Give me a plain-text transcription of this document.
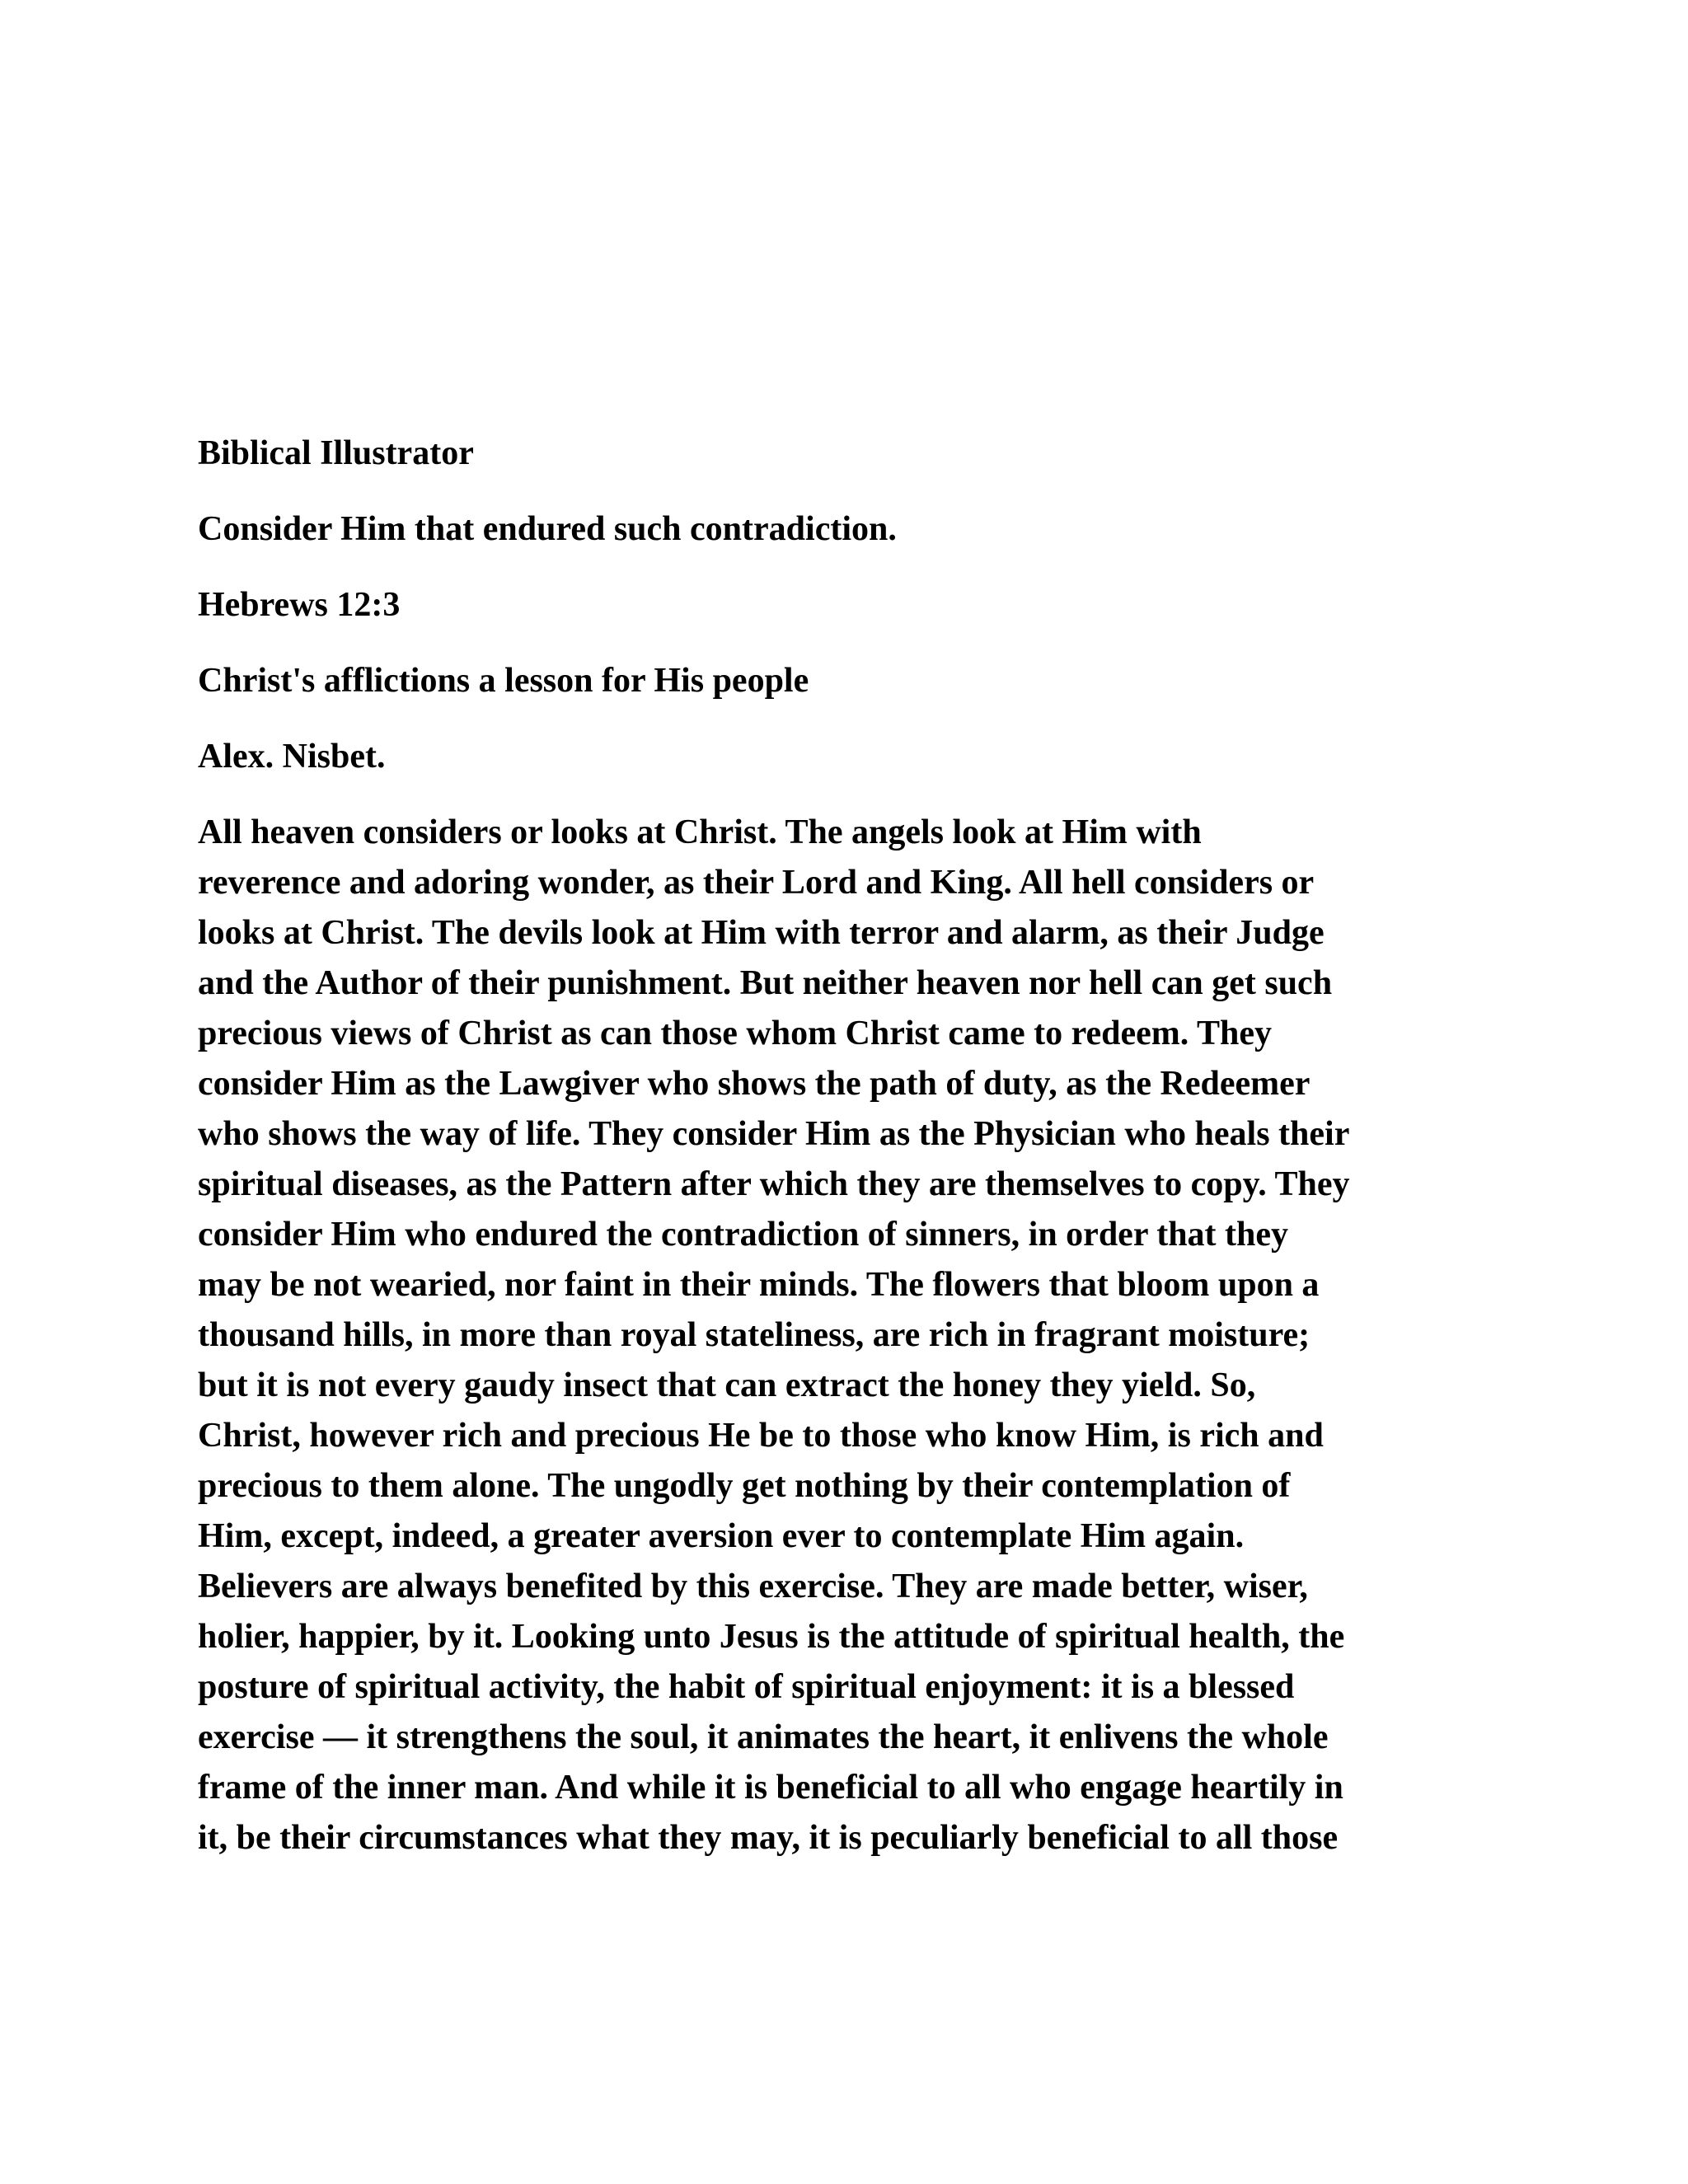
Biblical Illustrator
Consider Him that endured such contradiction.
Hebrews 12:3
Christ's afflictions a lesson for His people
Alex. Nisbet.
All heaven considers or looks at Christ. The angels look at Him with
reverence and adoring wonder, as their Lord and King. All hell considers or
looks at Christ. The devils look at Him with terror and alarm, as their Judge
and the Author of their punishment. But neither heaven nor hell can get such
precious views of Christ as can those whom Christ came to redeem. They
consider Him as the Lawgiver who shows the path of duty, as the Redeemer
who shows the way of life. They consider Him as the Physician who heals their
spiritual diseases, as the Pattern after which they are themselves to copy. They
consider Him who endured the contradiction of sinners, in order that they
may be not wearied, nor faint in their minds. The flowers that bloom upon a
thousand hills, in more than royal stateliness, are rich in fragrant moisture;
but it is not every gaudy insect that can extract the honey they yield. So,
Christ, however rich and precious He be to those who know Him, is rich and
precious to them alone. The ungodly get nothing by their contemplation of
Him, except, indeed, a greater aversion ever to contemplate Him again.
Believers are always benefited by this exercise. They are made better, wiser,
holier, happier, by it. Looking unto Jesus is the attitude of spiritual health, the
posture of spiritual activity, the habit of spiritual enjoyment: it is a blessed
exercise — it strengthens the soul, it animates the heart, it enlivens the whole
frame of the inner man. And while it is beneficial to all who engage heartily in
it, be their circumstances what they may, it is peculiarly beneficial to all those
